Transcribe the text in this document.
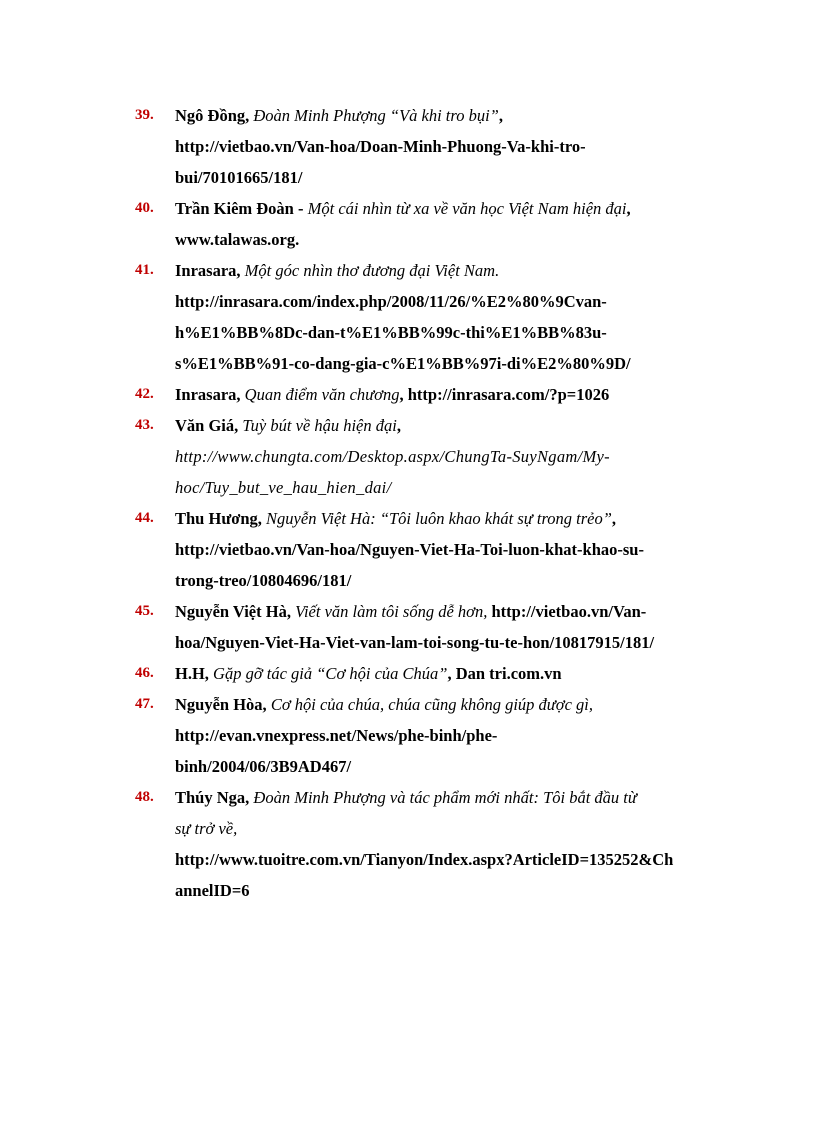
39.	Ngô Đồng, Đoàn Minh Phượng “Và khi tro bụi”,
http://vietbao.vn/Van-hoa/Doan-Minh-Phuong-Va-khi-tro-
bui/70101665/181/
40.	Trần Kiêm Đoàn - Một cái nhìn từ xa về văn học Việt Nam hiện đại,
www.talawas.org.
41.	Inrasara, Một góc nhìn thơ đương đại Việt Nam.
http://inrasara.com/index.php/2008/11/26/%E2%80%9Cvan-
h%E1%BB%8Dc-dan-t%E1%BB%99c-thi%E1%BB%83u-
s%E1%BB%91-co-dang-gia-c%E1%BB%97i-di%E2%80%9D/
42.	Inrasara, Quan điểm văn chương, http://inrasara.com/?p=1026
43.	Văn Giá, Tuỳ bút về hậu hiện đại,
http://www.chungta.com/Desktop.aspx/ChungTa-SuyNgam/My-
hoc/Tuy_but_ve_hau_hien_dai/
44.	Thu Hương, Nguyễn Việt Hà: “Tôi luôn khao khát sự trong trẻo”,
http://vietbao.vn/Van-hoa/Nguyen-Viet-Ha-Toi-luon-khat-khao-su-
trong-treo/10804696/181/
45.	Nguyễn Việt Hà, Viết văn làm tôi sống dễ hơn, http://vietbao.vn/Van-
hoa/Nguyen-Viet-Ha-Viet-van-lam-toi-song-tu-te-hon/10817915/181/
46.	H.H, Gặp gỡ tác giả “Cơ hội của Chúa”, Dan tri.com.vn
47.	Nguyễn Hòa, Cơ hội của chúa, chúa cũng không giúp được gì,
http://evan.vnexpress.net/News/phe-binh/phe-
binh/2004/06/3B9AD467/
48.	Thúy Nga, Đoàn Minh Phượng và tác phẩm mới nhất: Tôi bắt đầu từ
sự trở về,
http://www.tuoitre.com.vn/Tianyon/Index.aspx?ArticleID=135252&Ch
annelID=6
